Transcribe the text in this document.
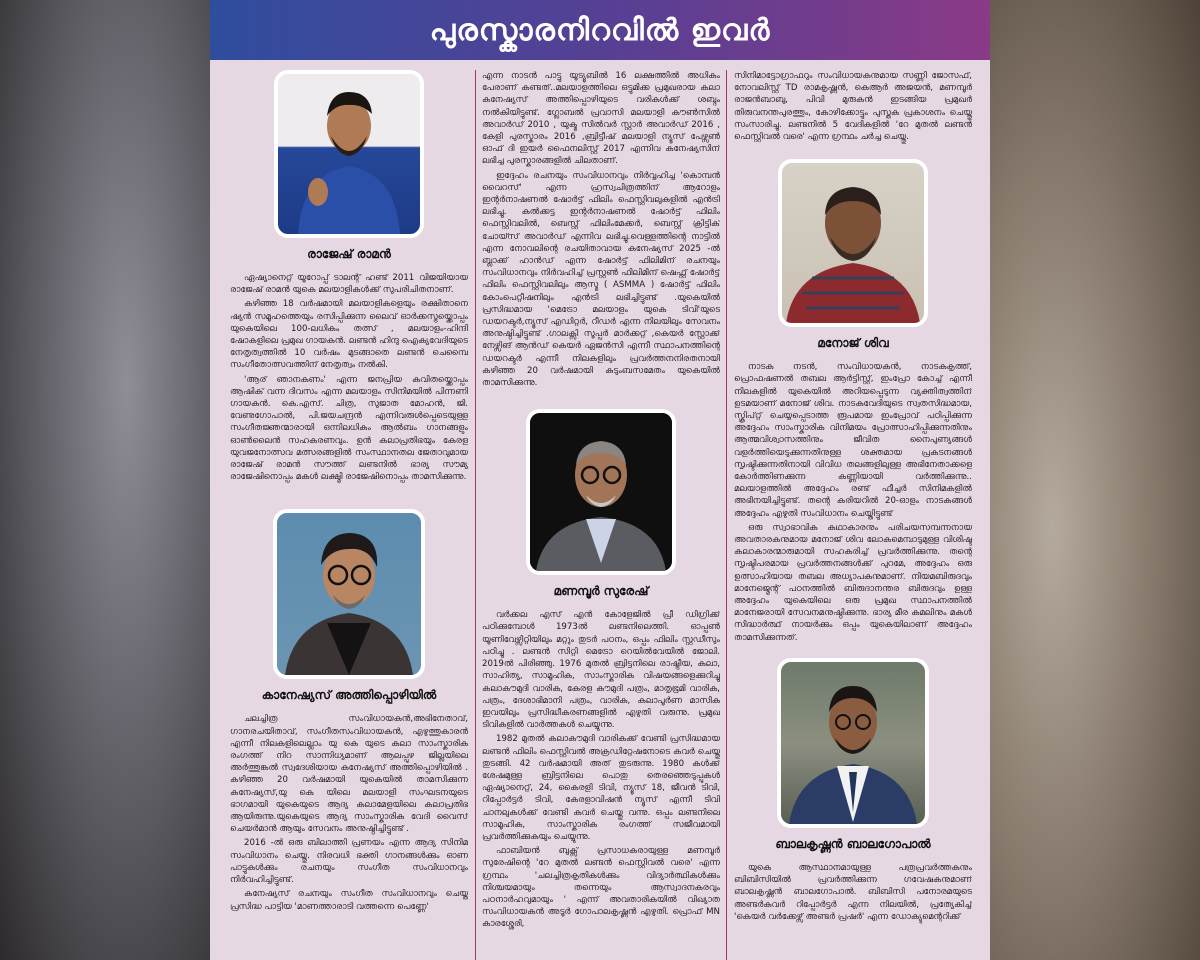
പുരസ്കാരനിറവിൽ ഇവർ
രാജേഷ് രാമൻ

ഏഷ്യാനെറ്റ് യൂറോപ്പ് ടാലന്റ് ഹണ്ട് 2011 വിജയിയായ രാജേഷ് രാമൻ യുകെ മലയാളികൾക്ക് സുപരിചിതനാണ്.

കഴിഞ്ഞ 18 വർഷമായി മലയാളികളെയും രക്ഷിതാനെ ഷ്യൻ സമൂഹത്തെയും രസിപ്പിക്കുന്ന ലൈവ് ഓർക്കസ്ട്രയ്ക്കൊപ്പം യുകെയിലെ 100-ലധികം തത്സ് , മലയാളം-ഹിന്ദി ഷോകളിലെ പ്രമുഖ ഗായകൻ. ലണ്ടൻ ഹിന്ദു ഐക്യവേദിയുടെ നേതൃത്വത്തിൽ 10 വർഷം മുടങ്ങാതെ ലണ്ടൻ ചെമ്പൈ സംഗീതോത്സവത്തിന് നേതൃത്വം നൽകി.

'ആര് ഞാനകണം' എന്ന ജനപ്രിയ കവിതയ്ക്കൊപ്പം ആഷിക് വന്ന ദിവസം എന്ന മലയാളം സിനിമയിൽ പിന്നണി ഗായകൻ. കെ.എസ്. ചിത്ര, സുജാത മോഹൻ, ജി. വേണുഗോപാൽ, പി.ജയചന്ദ്രൻ എന്നിവരുൾപ്പെടെയുള്ള സംഗീതജ്ഞന്മാരായി ഒന്നിലധികം ആൽബം ഗാനങ്ങളും ഓൺലൈൻ സഹകരണവും. ഉൻ കലാപ്രതിഭയും കേരള യുവജനോത്സവ മത്സരങ്ങളിൽ സംസ്ഥാനതല ജേതാവുമായ രാജേഷ് രാമൻ സൗത്ത് ലണ്ടനിൽ ഭാര്യ സൗമ്യ രാജേഷിനൊപ്പം മകൾ ലക്ഷ്മി രാജേഷിനൊപ്പം താമസിക്കുന്നു.

കാനേഷ്യസ് അത്തിപ്പൊഴിയിൽ

ചലച്ചിത്ര സംവിധായകൻ,അഭിനേതാവ്, ഗാനരചയിതാവ്, സംഗീതസംവിധായകൻ, എഴുത്തുകാരൻ എന്നീ നിലകളിലെല്ലാം യു കെ യുടെ കലാ സാംസ്കാരിക രംഗത്ത് നിറ സാന്നിധ്യമാണ് ആലപ്പുഴ ജില്ലയിലെ അർത്തുങ്കൽ സ്വദേശിയായ കനേഷ്യസ് അത്തിപ്പൊഴിയിൽ . കഴിഞ്ഞ 20 വർഷമായി യുകെയിൽ താമസിക്കുന്ന കനേഷ്യസ്,യു കെ യിലെ മലയാളി സംഘടനയുടെ ഭാഗമായി യുകെയുടെ ആദ്യ കലാമേളയിലെ കലാപ്രതിഭ ആയിരുന്നു.യുകെയുടെ ആദ്യ സാംസ്കാരിക വേദി വൈസ് ചെയർമാൻ ആയും സേവനം അനുഷ്ഠിച്ചിട്ടുണ്ട് .

2016 -ൽ ഒരു ബിലാത്തി പ്രണയം എന്ന ആദ്യ സിനിമ സംവിധാനം ചെയ്തു. നിരവധി ഭക്തി ഗാനങ്ങൾക്കും ഓണ പാട്ടുകൾക്കും രചനയും സംഗീത സംവിധാനവും നിർവഹിച്ചിട്ടുണ്ട്.

കനേഷ്യസ് രചനയും സംഗീത സംവിധാനവും ചെയ്ത പ്രസിദ്ധ പാട്ടിയ 'മാണത്താരാടി വത്തന്നെ പെണ്ണേ'

എന്ന നാടൻ പാട്ടു യൂട്യൂബിൽ 16 ലക്ഷത്തിൽ അധികം പേരാണ് കണ്ടത്..മലയാളത്തിലെ ഒട്ടുമിക്ക പ്രമുഖരായ കലാ കനേഷ്യസ് അത്തിപ്പൊഴിയുടെ വരികൾക്ക് ശബ്ദം നൽകിയിട്ടുണ്ട്. ഗ്ലോബൽ പ്രവാസി മലയാളി കൗൺസിൽ അവാർഡ് 2010 , യുക്മ സിൽവർ സ്റ്റാർ അവാർഡ് 2016 , കേളി പുരസ്കാരം 2016 ,ബ്രിട്ടീഷ് മലയാളി ന്യൂസ് പേഴ്സൺ ഓഫ് ദി ഇയർ ഫൈനലിസ്റ്റ് 2017 എന്നിവ കനേഷ്യസിന് ലഭിച്ച പുരസ്കാരങ്ങളിൽ ചിലതാണ്.

ഇദ്ദേഹം രചനയും സംവിധാനവും നിർവ്വഹിച്ച 'കൊമ്പൻ വൈറസ്' എന്ന ഹ്രസ്വചിത്രത്തിന് ആറോളം ഇന്റർനാഷണൽ ഷോർട്ട് ഫിലിം ഫെസ്റ്റിവലുകളിൽ എൻട്രി ലഭിച്ചു. കൽക്കട്ട ഇന്റർനാഷണൽ ഷോർട്ട് ഫിലിം ഫെസ്റ്റിവലിൽ, ബെസ്റ്റ് ഫിലിംമേക്കർ, ബെസ്റ്റ് ക്രിട്ടിക് ചോയ്സ് അവാർഡ് എന്നിവ ലഭിച്ചു.വെള്ളത്തിന്റെ നാട്ടിൽ എന്ന നോവലിന്റെ രചയിതാവായ കനേഷ്യസ് 2025 -ൽ ബ്ലാക്ക് ഹാൻഡ് എന്ന ഷോർട്ട് ഫിലിമിന് രചനയും സംവിധാനവും നിർവഹിച്ച് പ്രസ്റ്റൺ ഫിലിമിന് ഷെഫ്റ്റ് ഷോർട്ട് ഫിലിം ഫെസ്റ്റിവലിലും ആസ്മ ( ASMMA ) ഷോർട്ട് ഫിലിം കോംപെറ്റീഷനിലും എൻട്രി ലഭിച്ചിട്ടുണ്ട് .യുകെയിൽ പ്രസിദ്ധമായ 'മെട്രോ മലയാളം യുകെ ടിവി'യുടെ ഡയറക്ടർ,ന്യൂസ് എഡിറ്റർ, റീഡർ എന്ന നിലയിലും സേവനം അനുഷ്ഠിച്ചിട്ടുണ്ട് .ഗാലക്സി സൂപ്പർ മാർക്കറ്റ് ,കെയർ സ്റ്റോക്ക് നേഴ്സിങ് ആൻഡ് കെയർ ഏജൻസി എന്നീ സ്ഥാപനത്തിന്റെ ഡയറക്ടർ എന്നീ നിലകളിലും പ്രവർത്തനനിരതനായി കഴിഞ്ഞ 20 വർഷമായി കുടുംബസമേതം യുകെയിൽ താമസിക്കുന്നു.

മണമ്പൂർ സുരേഷ്

വർക്കല എസ് എൻ കോളേജിൽ പ്രീ ഡിഗ്രിക്ക് പഠിക്കുമ്പോൾ 1973ൽ ലണ്ടനിലെത്തി. ഓപ്പൺ യൂണിവേഴ്സിറ്റിയിലും മറ്റും തുടർ പഠനം, ഒപ്പം ഫിലിം സ്റ്റഡീസും പഠിച്ചു . ലണ്ടൻ സിറ്റി മെട്രോ റെയിൽവേയിൽ ജോലി. 2019ൽ പിരിഞ്ഞു. 1976 മുതൽ ബ്രിട്ടനിലെ രാഷ്ട്രീയ, കലാ, സാഹിത്യ, സാമൂഹിക, സാംസ്കാരിക വിഷയങ്ങളെക്കുറിച്ചു കലാകൗമുദി വാരിക, കേരള കൗമുദി പത്രം, മാതൃഭൂമി വാരിക, പത്രം, ദേശാഭിമാനി പത്രം, വാരിക, കലാപൂർണ മാസിക ഇവയിലും പ്രസിദ്ധീകരണങ്ങളിൽ എഴുതി വരുന്നു. പ്രമുഖ ടിവികളിൽ വാർത്തകൾ ചെയ്യുന്നു.

1982 മുതൽ കലാകൗമുദി വാരികക്ക് വേണ്ടി പ്രസിദ്ധമായ ലണ്ടൻ ഫിലിം ഫെസ്റ്റിവൽ അക്രഡിറ്റേഷനോടെ കവർ ചെയ്തു തുടങ്ങി. 42 വർഷമായി അത് തുടരുന്നു. 1980 കൾക്ക് ശേഷമുള്ള ബ്രിട്ടനിലെ പൊതു തെരഞ്ഞെടുപ്പുകൾ ഏഷ്യാനെറ്റ്, 24, കൈരളി ടിവി, ന്യൂസ് 18, ജീവൻ ടിവി, റിപ്പോർട്ടർ ടിവി, കേരളാവിഷൻ ന്യൂസ് എന്നീ ടിവി ചാനലുകൾക്ക് വേണ്ടി കവർ ചെയ്തു വന്നു. ഒപ്പം ലണ്ടനിലെ സാമൂഹിക, സാംസ്കാരിക രംഗത്ത് സജീവമായി പ്രവർത്തിക്കുകയും ചെയ്യുന്നു.

ഫാബിയൻ ബുക്സ് പ്രസാധകരായുള്ള മണമ്പൂർ സുരേഷിന്റെ 'റേ മുതൽ ലണ്ടൻ ഫെസ്റ്റിവൽ വരെ' എന്ന ഗ്രന്ഥം 'ചലച്ചിത്രകൃതികൾക്കും വിദ്യാർത്ഥികൾക്കും നിശ്ചയമായും തന്നെയും ആസ്വാദനകരവും പഠനാർഹവുമായും ' എന്ന് അവതാരികയിൽ വിഖ്യാത സംവിധായകൻ അടൂർ ഗോപാലകൃഷ്ണൻ എഴുതി. പ്രൊഫ് MN കാരശ്ശേരി,

സിനിമാട്ടോഗ്രാഫറും സംവിധായകനുമായ സണ്ണി ജോസഫ്, നോവലിസ്റ്റ് TD രാമകൃഷ്ണൻ, കെആർ അജയൻ, മണമ്പൂർ രാജൻബാബു, പിവി മുരുകൻ ഇടങ്ങിയ പ്രമുഖർ തിരുവനന്തപുരത്തും, കോഴിക്കോട്ടും പുസ്തക പ്രകാശനം ചെയ്തു സംസാരിച്ചു. ലണ്ടനിൽ 5 വേദികളിൽ 'റേ മുതൽ ലണ്ടൻ ഫെസ്റ്റിവൽ വരെ' എന്ന ഗ്രന്ഥം ചർച്ച ചെയ്തു.

മനോജ് ശിവ

നാടക നടൻ, സംവിധായകൻ, നാടകകൃത്ത്, പ്രൊഫഷണൽ തബല ആർട്ടിസ്റ്റ്, ഇംപ്രോ കോച്ച് എന്നീ നിലകളിൽ യുകെയിൽ അറിയപ്പെടുന്ന വ്യക്തിത്വത്തിന് ഉടമയാണ് മനോജ് ശിവ. നാടകവേദിയുടെ സ്വതസിദ്ധമായ, സ്ക്രിപ്റ്റ് ചെയ്യപ്പെടാത്ത രൂപമായ ഇംപ്രോവ് പഠിപ്പിക്കുന്ന അദ്ദേഹം സാംസ്കാരിക വിനിമയം പ്രോത്സാഹിപ്പിക്കുന്നതിനും ആത്മവിശ്വാസത്തിനും ജീവിത നൈപുണ്യങ്ങൾ വളർത്തിയെടുക്കുന്നതിനുള്ള ശക്തമായ പ്രകടനങ്ങൾ സൃഷ്ടിക്കുന്നതിനായി വിവിധ തലങ്ങളിലുള്ള അഭിനേതാക്കളെ കോർത്തിണക്കുന്ന കണ്ണിയായി വർത്തിക്കുന്നു.. മലയാളത്തിൽ അദ്ദേഹം രണ്ട് ഫീച്ചർ സിനിമകളിൽ അഭിനയിച്ചിട്ടുണ്ട്. തന്റെ കരിയറിൽ 20-ഓളം നാടകങ്ങൾ അദ്ദേഹം എഴുതി സംവിധാനം ചെയ്തിട്ടുണ്ട്

ഒരു സ്വാഭാവിക കഥാകാരനും പരിചയസമ്പന്നനായ അവതാരകനുമായ മനോജ് ശിവ ലോകമെമ്പാടുമുള്ള വിശിഷ്ട കലാകാരന്മാരുമായി സഹകരിച്ച് പ്രവർത്തിക്കുന്നു. തന്റെ സൃഷ്ടിപരമായ പ്രവർത്തനങ്ങൾക്ക് പുറമേ, അദ്ദേഹം ഒരു ഉത്സാഹിയായ തബല അധ്യാപകനുമാണ്. നിയമബിരുദവും മാനേജ്മെന്റ് പഠനത്തിൽ ബിരുദാനന്തര ബിരുദവും ഉള്ള അദ്ദേഹം യുകെയിലെ ഒരു പ്രമുഖ സ്ഥാപനത്തിൽ മാനേജരായി സേവനമനുഷ്ഠിക്കുന്നു. ഭാര്യ മീര കമലിനും മകൾ സിദ്ധാർത്ഥ് നായർക്കും ഒപ്പം യുകെയിലാണ് അദ്ദേഹം താമസിക്കുന്നത്.

ബാലകൃഷ്ണൻ ബാലഗോപാൽ

യുകെ ആസ്ഥാനമായുള്ള പത്രപ്രവർത്തകനും ബിബിസിയിൽ പ്രവർത്തിക്കുന്ന ഗവേഷകനുമാണ് ബാലകൃഷ്ണൻ ബാലഗോപാൽ. ബിബിസി പനോരമയുടെ അണ്ടർകവർ റിപ്പോർട്ടർ എന്ന നിലയിൽ, പ്രത്യേകിച്ച് 'കെയർ വർക്കേഴ്സ് അണ്ടർ പ്രഷർ' എന്ന ഡോക്യുമെന്ററിക്ക്
